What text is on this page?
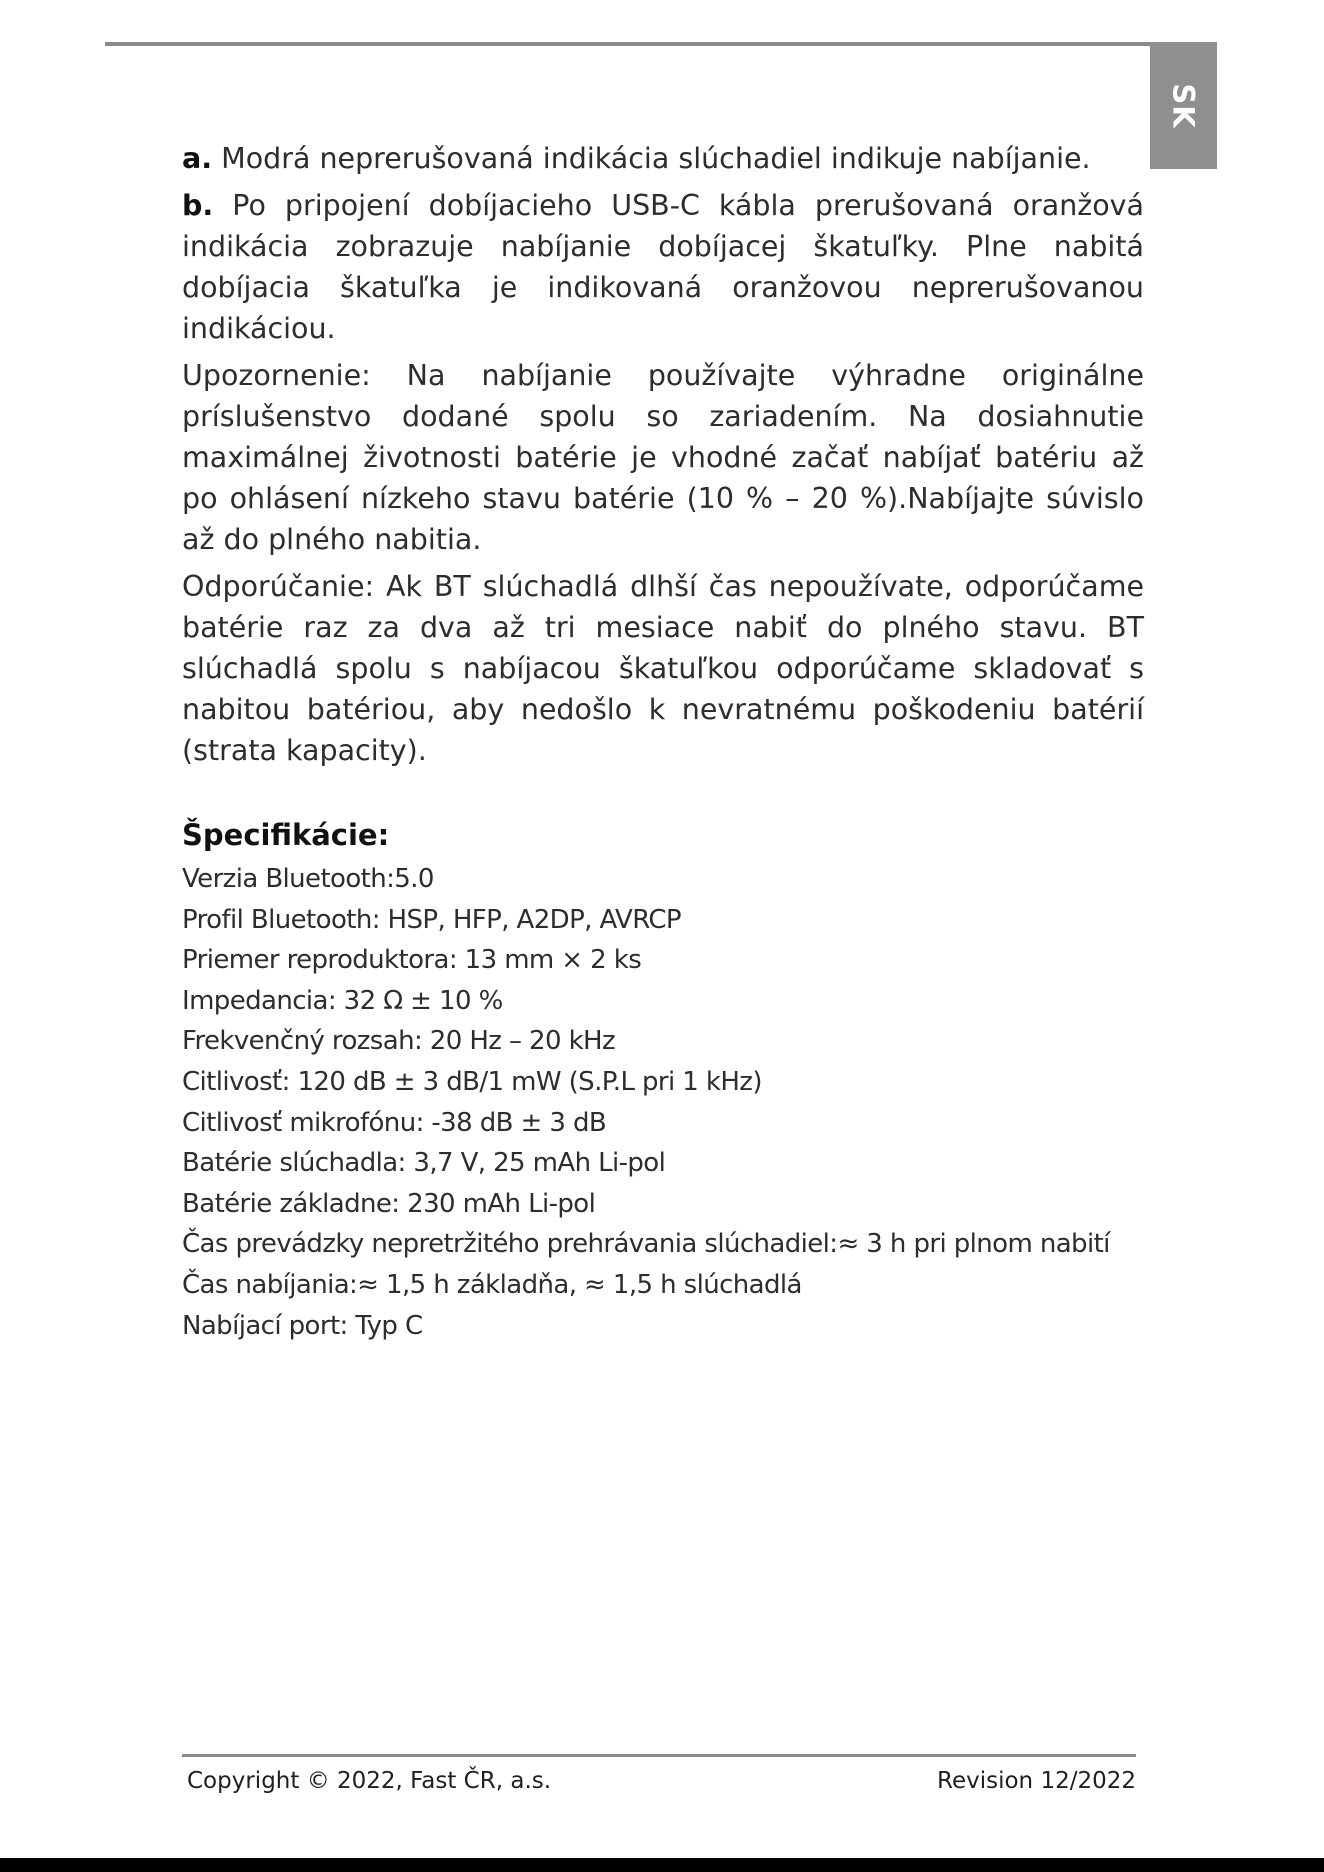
SK

a. Modrá neprerušovaná indikácia slúchadiel indikuje nabíjanie.

b. Po pripojení dobíjacieho USB-C kábla prerušovaná oranžová indikácia zobrazuje nabíjanie dobíjacej škatuľky. Plne nabitá dobíjacia škatuľka je indikovaná oranžovou neprerušovanou indikáciou.

Upozornenie: Na nabíjanie používajte výhradne originálne príslušenstvo dodané spolu so zariadením. Na dosiahnutie maximálnej životnosti batérie je vhodné začať nabíjať batériu až po ohlásení nízkeho stavu batérie (10 % – 20 %).Nabíjajte súvislo až do plného nabitia.

Odporúčanie: Ak BT slúchadlá dlhší čas nepoužívate, odporúčame batérie raz za dva až tri mesiace nabiť do plného stavu. BT slúchadlá spolu s nabíjacou škatuľkou odporúčame skladovať s nabitou batériou, aby nedošlo k nevratnému poškodeniu batérií (strata kapacity).

Špecifikácie:
Verzia Bluetooth:5.0
Profil Bluetooth: HSP, HFP, A2DP, AVRCP
Priemer reproduktora: 13 mm × 2 ks
Impedancia: 32 Ω ± 10 %
Frekvenčný rozsah: 20 Hz – 20 kHz
Citlivosť: 120 dB ± 3 dB/1 mW (S.P.L pri 1 kHz)
Citlivosť mikrofónu: -38 dB ± 3 dB
Batérie slúchadla: 3,7 V, 25 mAh Li-pol
Batérie základne: 230 mAh Li-pol
Čas prevádzky nepretržitého prehrávania slúchadiel:≈ 3 h pri plnom nabití
Čas nabíjania:≈ 1,5 h základňa, ≈ 1,5 h slúchadlá
Nabíjací port: Typ C
Copyright © 2022, Fast ČR, a.s.	Revision 12/2022
